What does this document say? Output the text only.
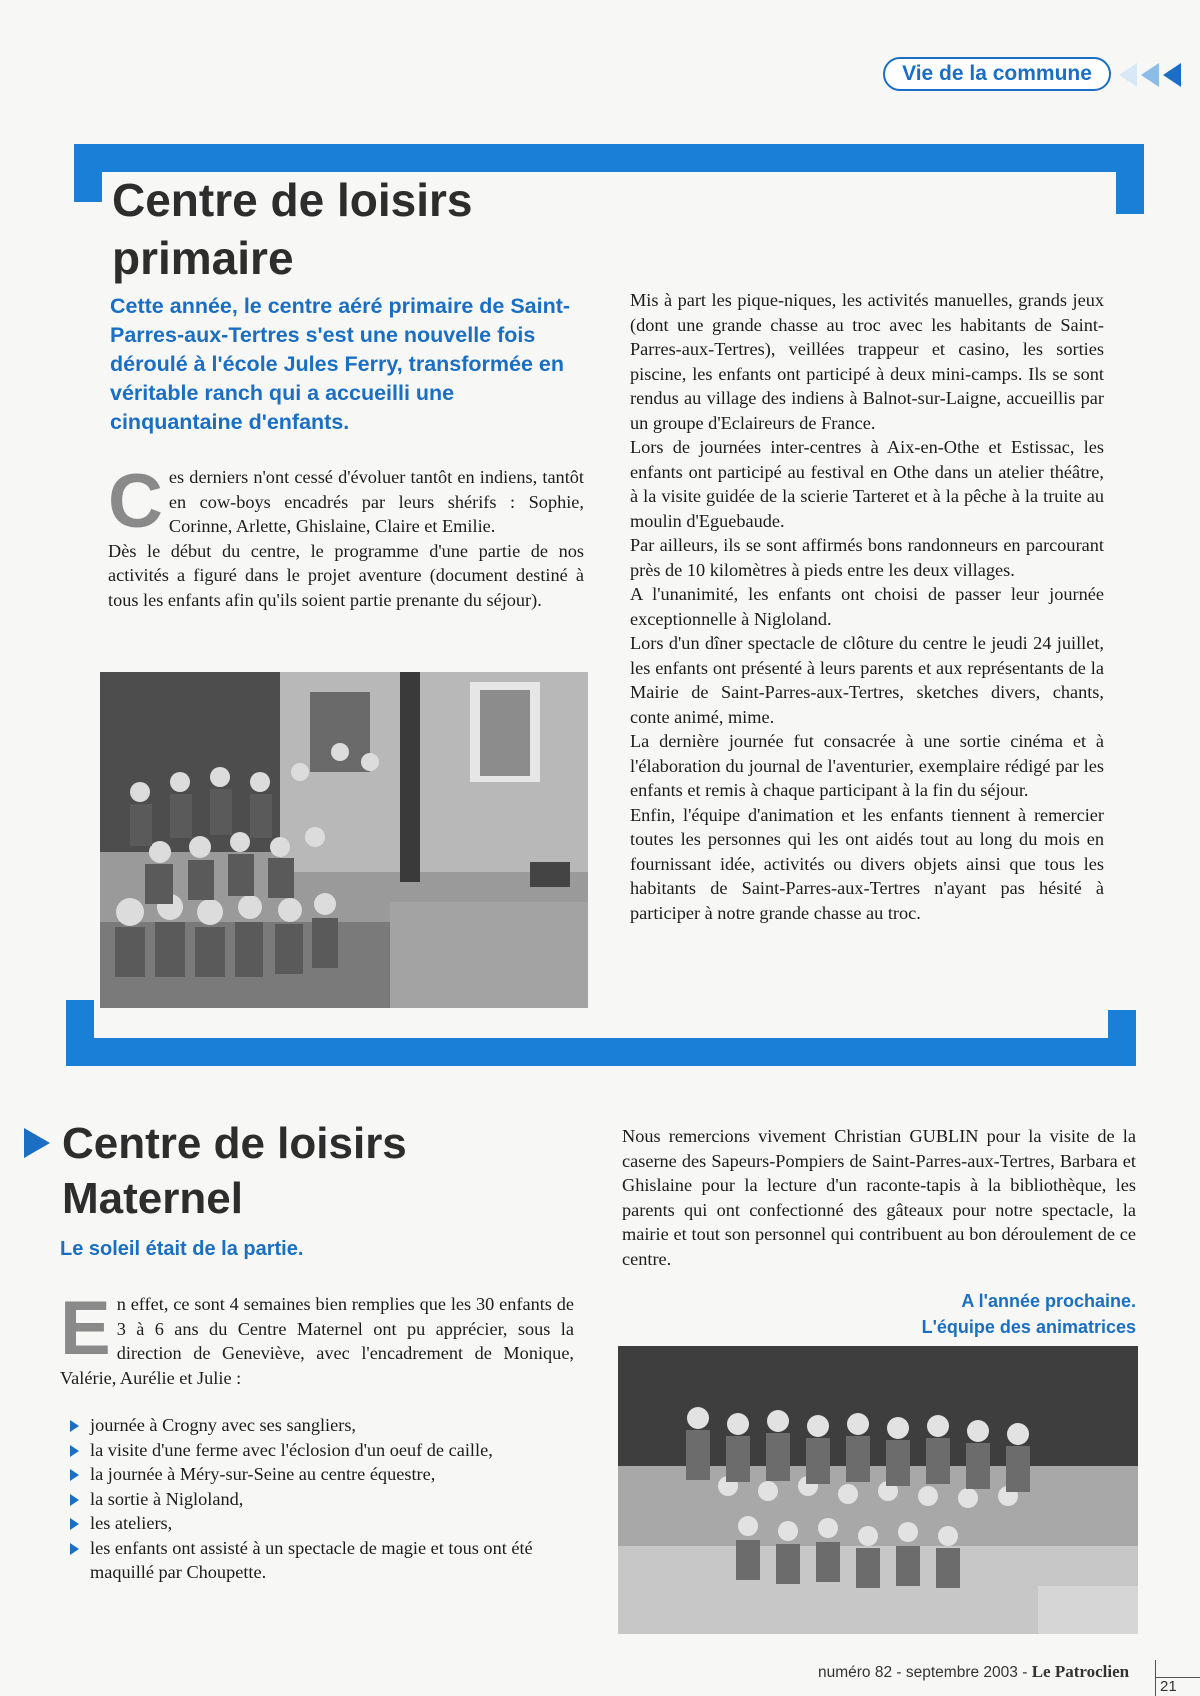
Vie de la commune
Centre de loisirs
primaire
Cette année, le centre aéré primaire de Saint-Parres-aux-Tertres s'est une nouvelle fois déroulé à l'école Jules Ferry, transformée en véritable ranch qui a accueilli une cinquantaine d'enfants.
C es derniers n'ont cessé d'évoluer tantôt en indiens, tantôt en cow-boys encadrés par leurs shérifs : Sophie, Corinne, Arlette, Ghislaine, Claire et Emilie.

Dès le début du centre, le programme d'une partie de nos activités a figuré dans le projet aventure (document destiné à tous les enfants afin qu'ils soient partie prenante du séjour).

Mis à part les pique-niques, les activités manuelles, grands jeux (dont une grande chasse au troc avec les habitants de Saint-Parres-aux-Tertres), veillées trappeur et casino, les sorties piscine, les enfants ont participé à deux mini-camps. Ils se sont rendus au village des indiens à Balnot-sur-Laigne, accueillis par un groupe d'Eclaireurs de France.

Lors de journées inter-centres à Aix-en-Othe et Estissac, les enfants ont participé au festival en Othe dans un atelier théâtre, à la visite guidée de la scierie Tarteret et à la pêche à la truite au moulin d'Eguebaude.

Par ailleurs, ils se sont affirmés bons randonneurs en parcourant près de 10 kilomètres à pieds entre les deux villages.

A l'unanimité, les enfants ont choisi de passer leur journée exceptionnelle à Nigloland.

Lors d'un dîner spectacle de clôture du centre le jeudi 24 juillet, les enfants ont présenté à leurs parents et aux représentants de la Mairie de Saint-Parres-aux-Tertres, sketches divers, chants, conte animé, mime.

La dernière journée fut consacrée à une sortie cinéma et à l'élaboration du journal de l'aventurier, exemplaire rédigé par les enfants et remis à chaque participant à la fin du séjour.

Enfin, l'équipe d'animation et les enfants tiennent à remercier toutes les personnes qui les ont aidés tout au long du mois en fournissant idée, activités ou divers objets ainsi que tous les habitants de Saint-Parres-aux-Tertres n'ayant pas hésité à participer à notre grande chasse au troc.

Centre de loisirs
Maternel
Le soleil était de la partie.
E n effet, ce sont 4 semaines bien remplies que les 30 enfants de 3 à 6 ans du Centre Maternel ont pu apprécier, sous la direction de Geneviève, avec l'encadrement de Monique, Valérie, Aurélie et Julie :

journée à Crogny avec ses sangliers,
la visite d'une ferme avec l'éclosion d'un oeuf de caille,
la journée à Méry-sur-Seine au centre équestre,
la sortie à Nigloland,
les ateliers,
les enfants ont assisté à un spectacle de magie et tous ont été maquillé par Choupette.

Nous remercions vivement Christian GUBLIN pour la visite de la caserne des Sapeurs-Pompiers de Saint-Parres-aux-Tertres, Barbara et Ghislaine pour la lecture d'un raconte-tapis à la bibliothèque, les parents qui ont confectionné des gâteaux pour notre spectacle, la mairie et tout son personnel qui contribuent au bon déroulement de ce centre.

A l'année prochaine.
L'équipe des animatrices
numéro 82 - septembre 2003 - Le Patroclien
21
